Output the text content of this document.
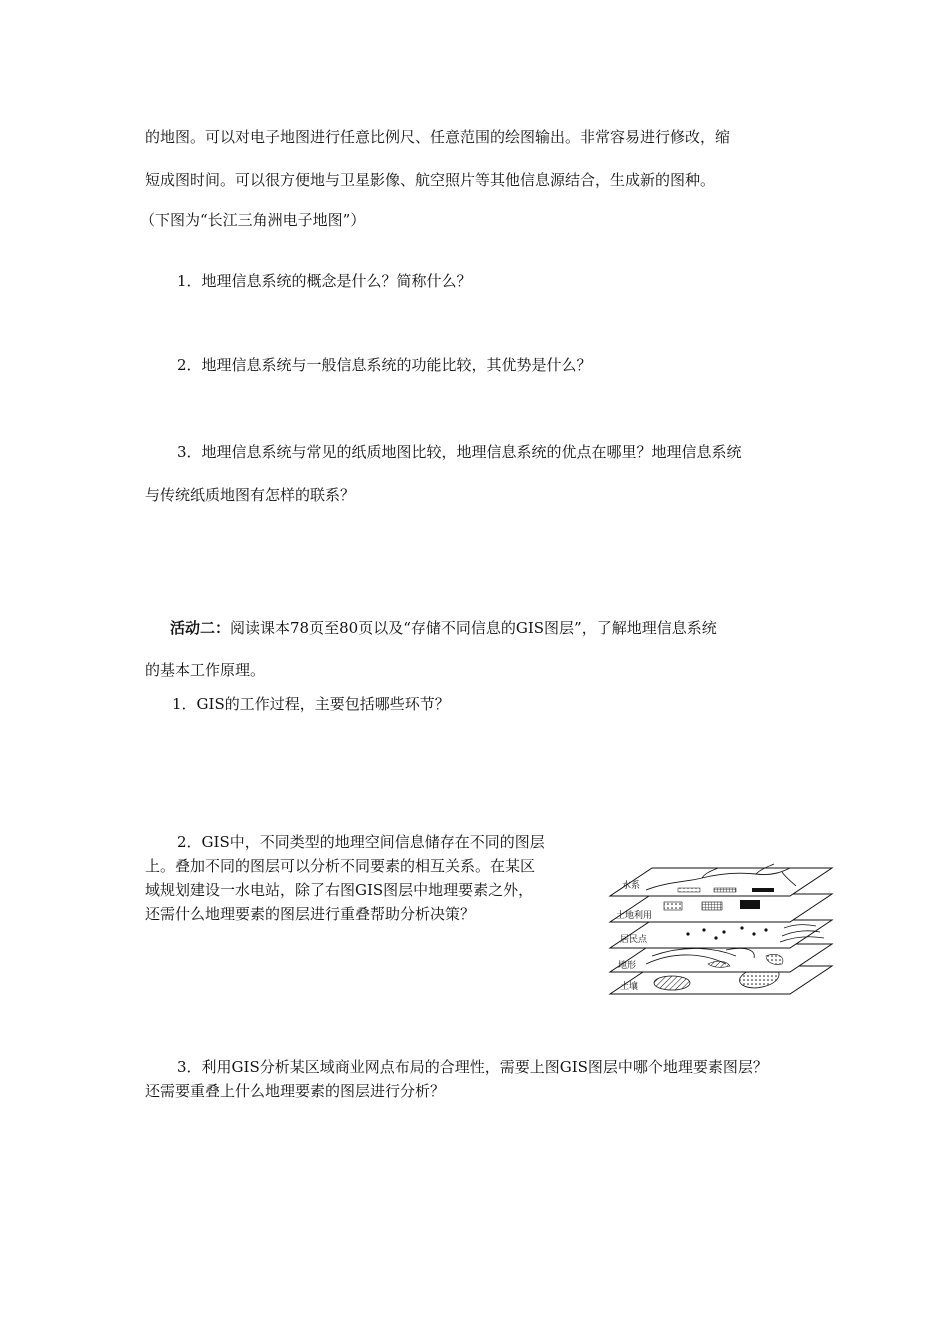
的地图。可以对电子地图进行任意比例尺、任意范围的绘图输出。非常容易进行修改，缩
短成图时间。可以很方便地与卫星影像、航空照片等其他信息源结合，生成新的图种。
（下图为“长江三角洲电子地图”）
1．地理信息系统的概念是什么？简称什么？
2．地理信息系统与一般信息系统的功能比较，其优势是什么？
3．地理信息系统与常见的纸质地图比较，地理信息系统的优点在哪里？地理信息系统
与传统纸质地图有怎样的联系？
活动二：阅读课本78页至80页以及“存储不同信息的GIS图层”，了解地理信息系统
的基本工作原理。
1．GIS的工作过程，主要包括哪些环节？
2．GIS中，不同类型的地理空间信息储存在不同的图层
上。叠加不同的图层可以分析不同要素的相互关系。在某区
域规划建设一水电站，除了右图GIS图层中地理要素之外，
还需什么地理要素的图层进行重叠帮助分析决策？
3．利用GIS分析某区域商业网点布局的合理性，需要上图GIS图层中哪个地理要素图层？
还需要重叠上什么地理要素的图层进行分析？
土壤
地形
居民点
土地利用
水系
